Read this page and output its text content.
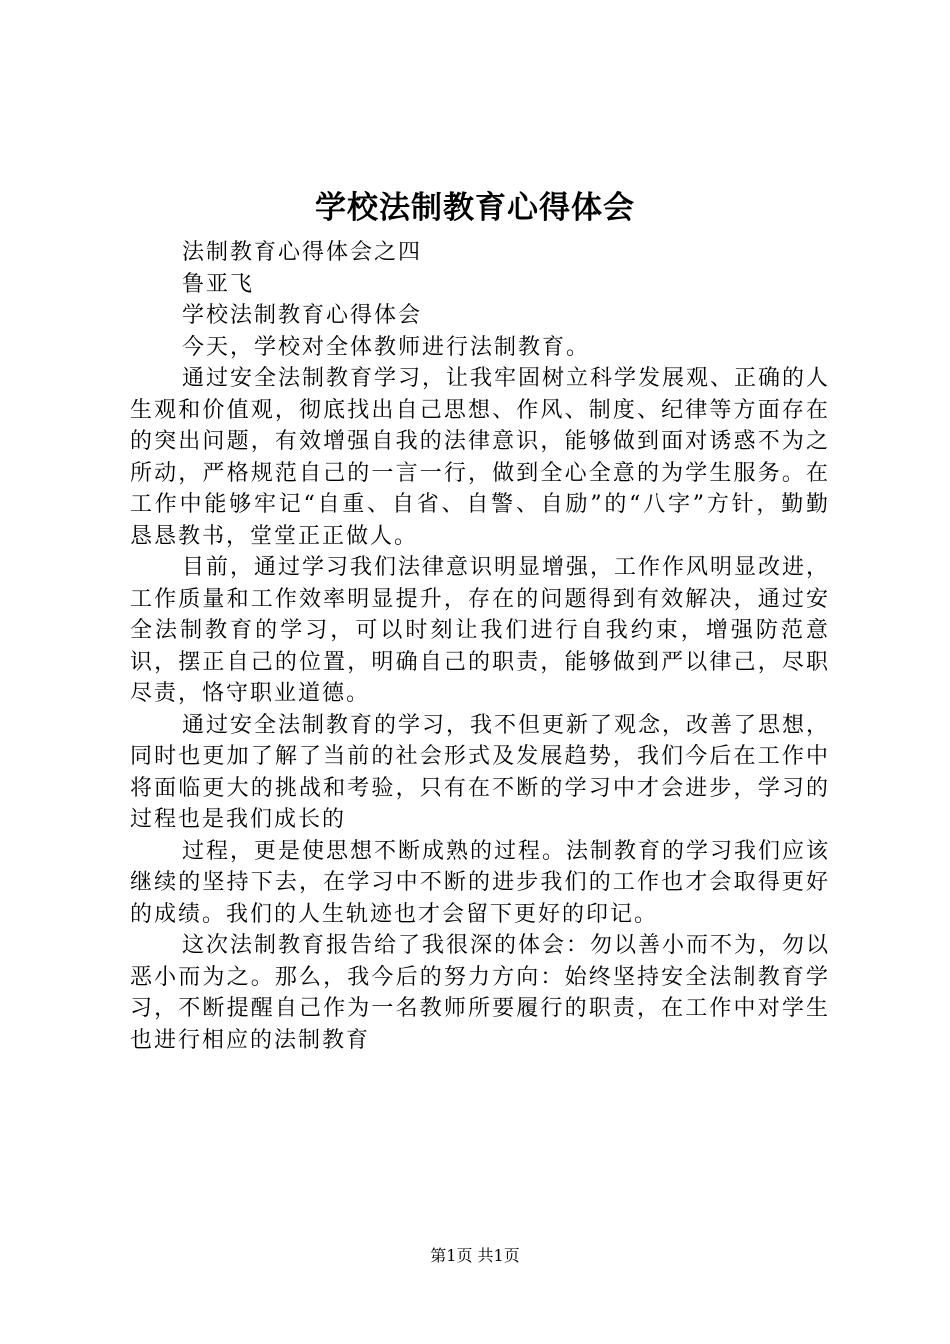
学校法制教育心得体会

法制教育心得体会之四

鲁亚飞

学校法制教育心得体会

今天，学校对全体教师进行法制教育。

通过安全法制教育学习，让我牢固树立科学发展观、正确的人生观和价值观，彻底找出自己思想、作风、制度、纪律等方面存在的突出问题，有效增强自我的法律意识，能够做到面对诱惑不为之所动，严格规范自己的一言一行，做到全心全意的为学生服务。在工作中能够牢记“自重、自省、自警、自励”的“八字”方针，勤勤恳恳教书，堂堂正正做人。

目前，通过学习我们法律意识明显增强，工作作风明显改进，工作质量和工作效率明显提升，存在的问题得到有效解决，通过安全法制教育的学习，可以时刻让我们进行自我约束，增强防范意识，摆正自己的位置，明确自己的职责，能够做到严以律己，尽职尽责，恪守职业道德。

通过安全法制教育的学习，我不但更新了观念，改善了思想，同时也更加了解了当前的社会形式及发展趋势，我们今后在工作中将面临更大的挑战和考验，只有在不断的学习中才会进步，学习的过程也是我们成长的

过程，更是使思想不断成熟的过程。法制教育的学习我们应该继续的坚持下去，在学习中不断的进步我们的工作也才会取得更好的成绩。我们的人生轨迹也才会留下更好的印记。

这次法制教育报告给了我很深的体会：勿以善小而不为，勿以恶小而为之。那么，我今后的努力方向：始终坚持安全法制教育学习，不断提醒自己作为一名教师所要履行的职责，在工作中对学生也进行相应的法制教育

第1页 共1页
